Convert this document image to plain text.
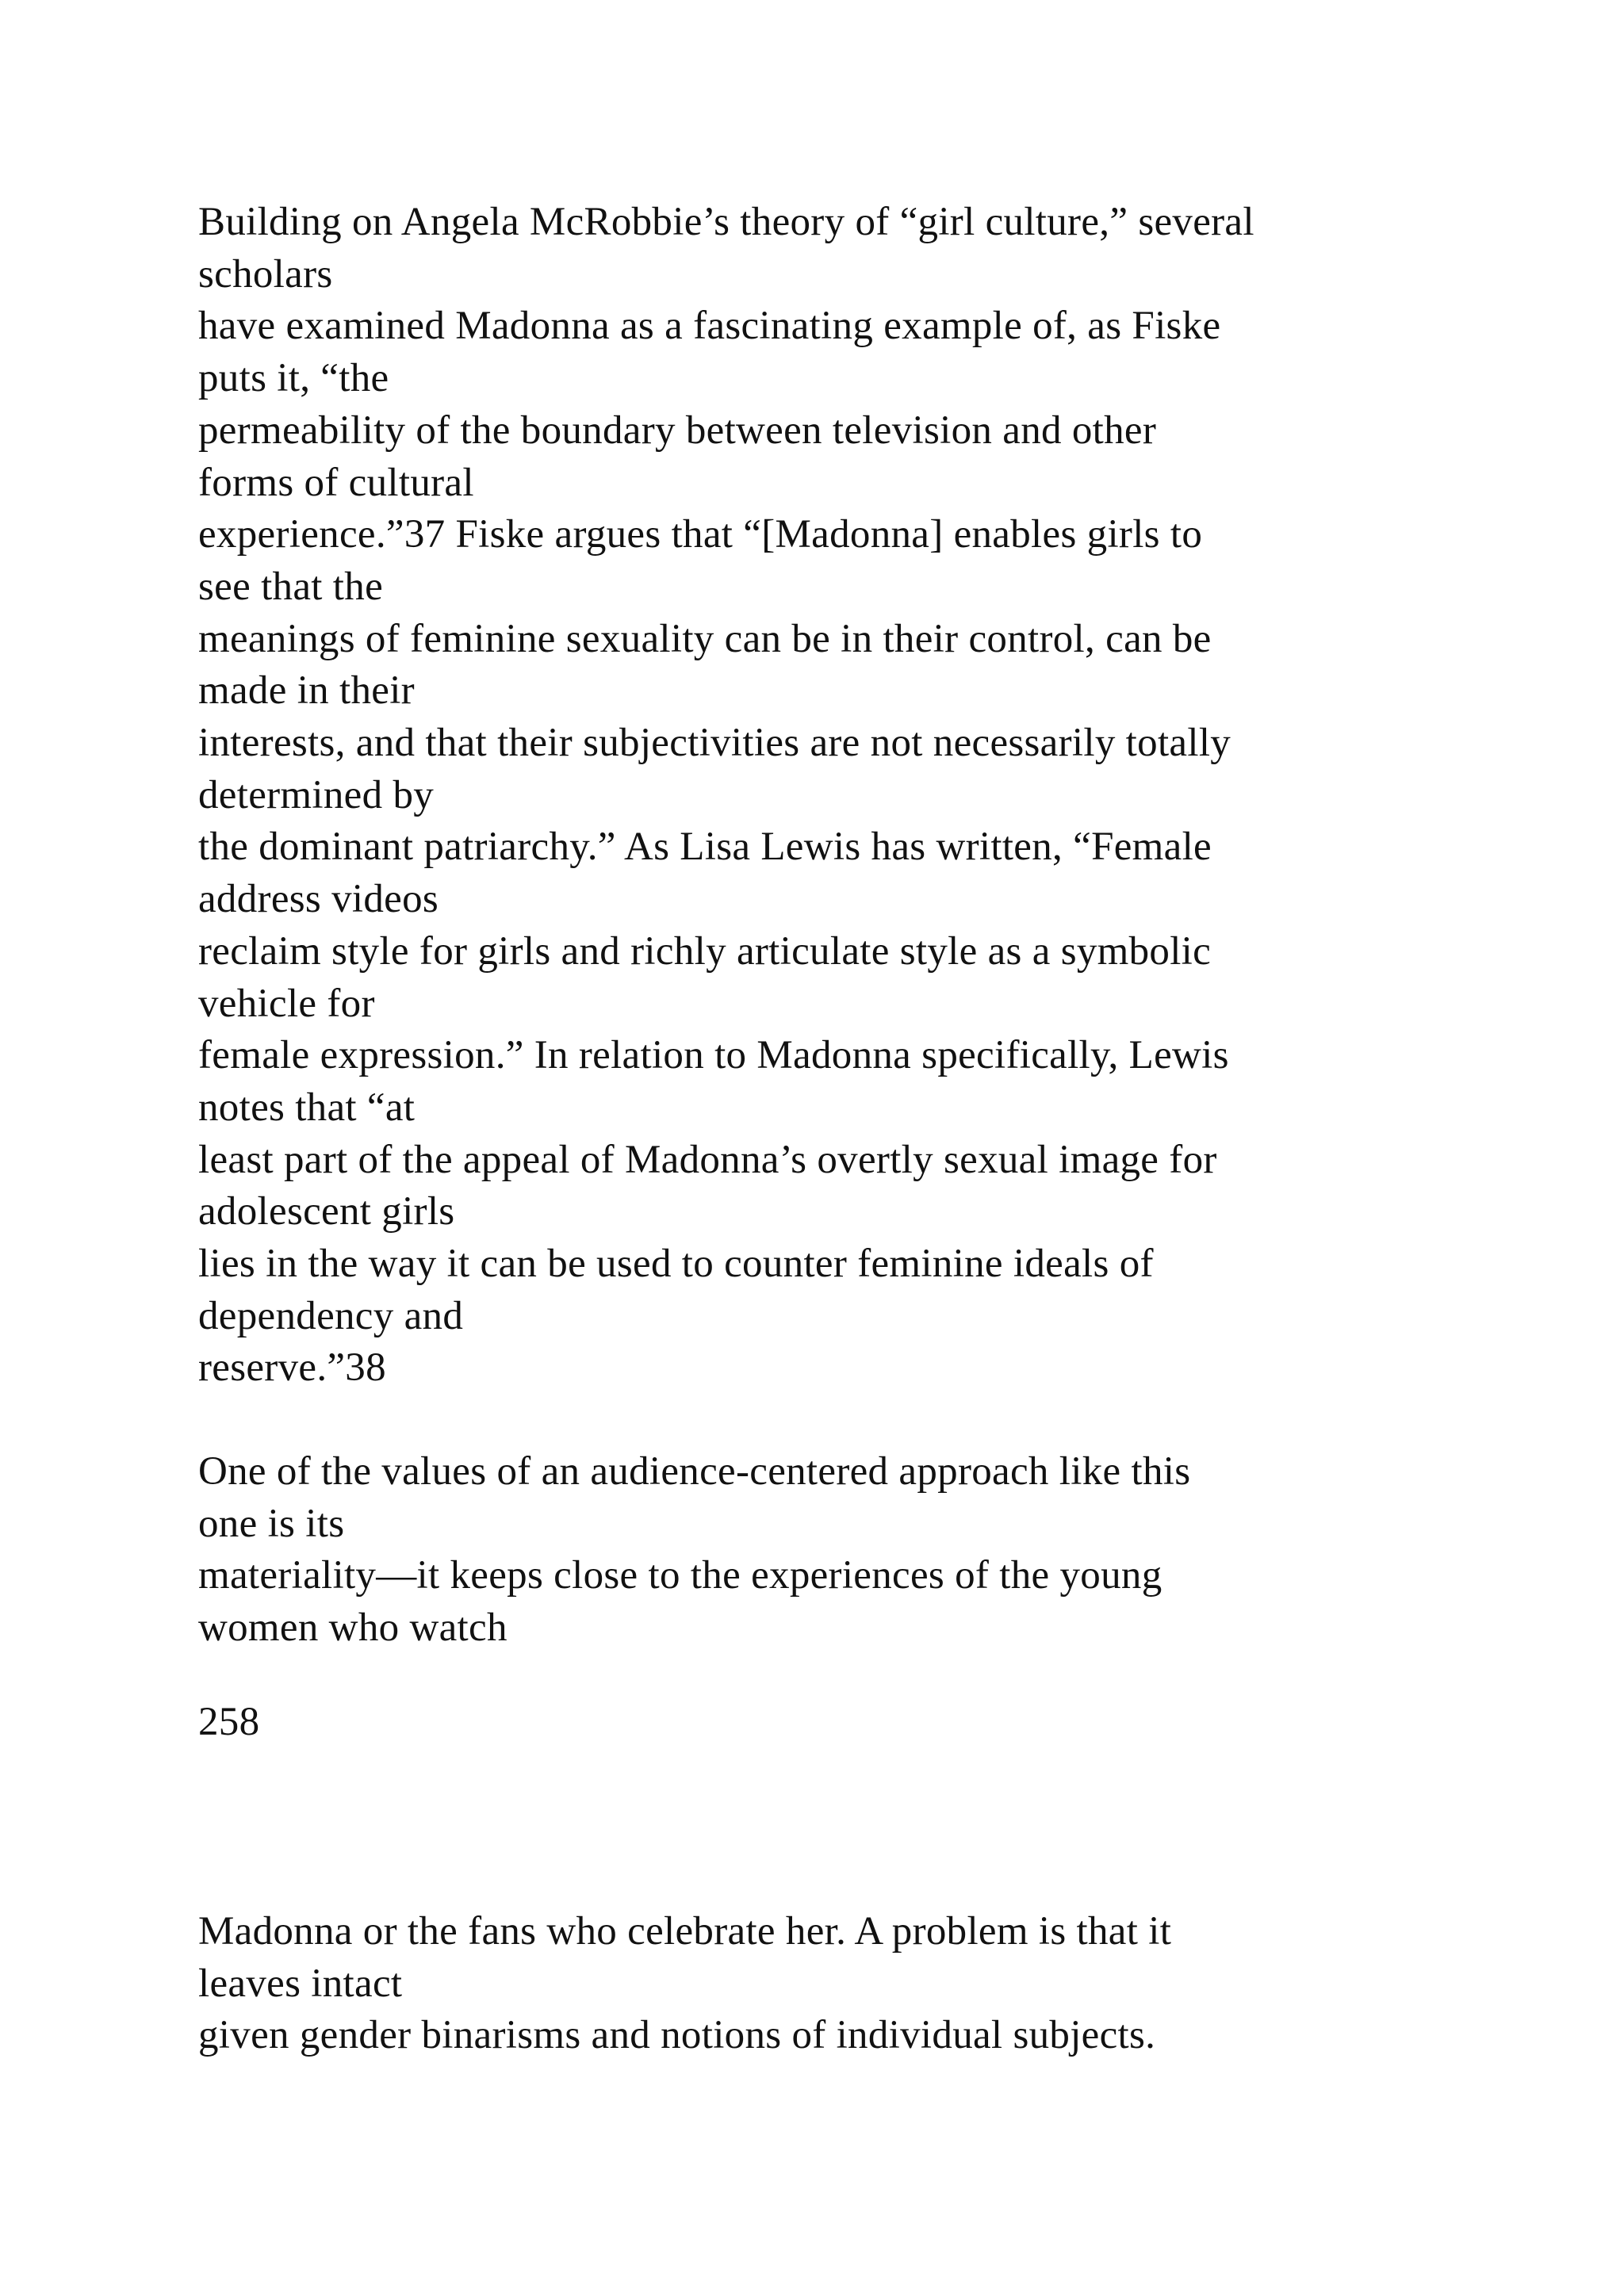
Building on Angela McRobbie’s theory of “girl culture,” several
scholars
have examined Madonna as a fascinating example of, as Fiske
puts it, “the
permeability of the boundary between television and other
forms of cultural
experience.”37 Fiske argues that “[Madonna] enables girls to
see that the
meanings of feminine sexuality can be in their control, can be
made in their
interests, and that their subjectivities are not necessarily totally
determined by
the dominant patriarchy.” As Lisa Lewis has written, “Female
address videos
reclaim style for girls and richly articulate style as a symbolic
vehicle for
female expression.” In relation to Madonna specifically, Lewis
notes that “at
least part of the appeal of Madonna’s overtly sexual image for
adolescent girls
lies in the way it can be used to counter feminine ideals of
dependency and
reserve.”38
One of the values of an audience-centered approach like this
one is its
materiality—it keeps close to the experiences of the young
women who watch
258
Madonna or the fans who celebrate her. A problem is that it
leaves intact
given gender binarisms and notions of individual subjects.
